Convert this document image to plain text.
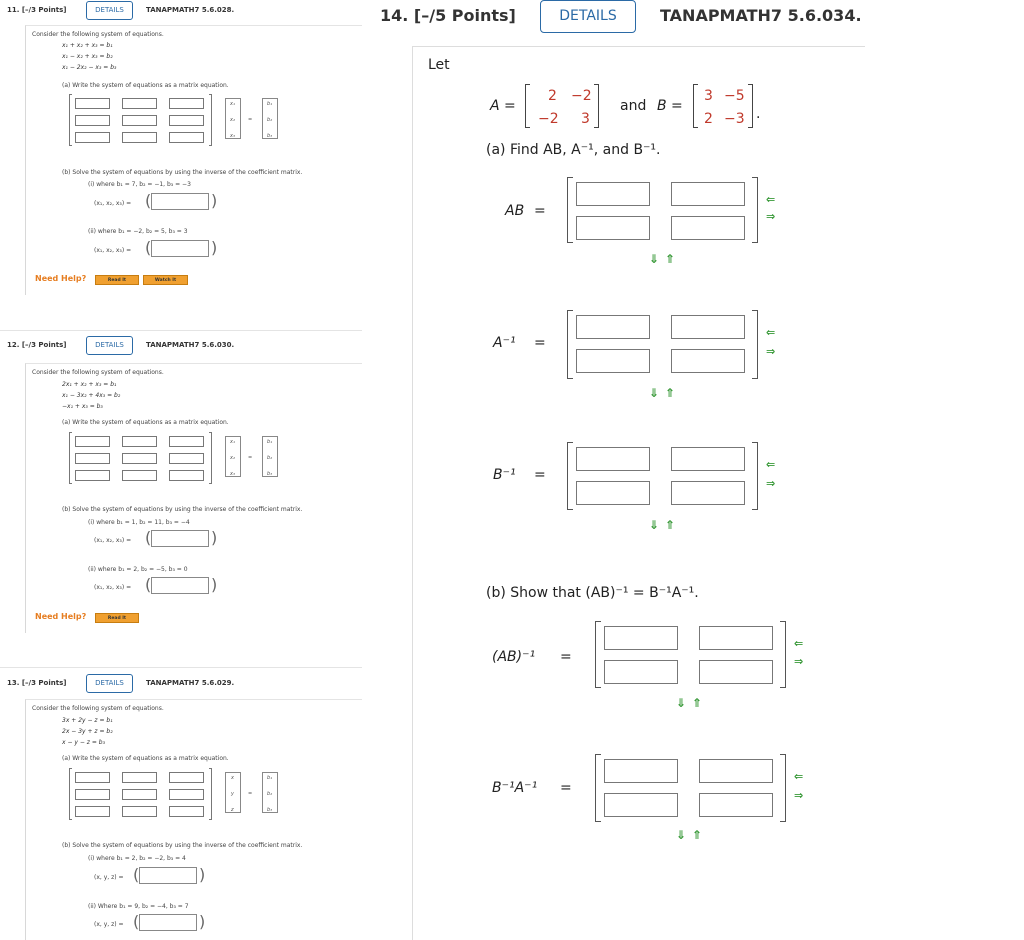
11. [–/3 Points]	DETAILS	TANAPMATH7 5.6.028.
Consider the following system of equations.
x₁ + x₂ + x₃ = b₁
x₁ − x₂ + x₃ = b₂
x₁ − 2x₂ − x₃ = b₃
(a) Write the system of equations as a matrix equation.
x₁
x₂
x₃
=
b₁
b₂
b₃
(b) Solve the system of equations by using the inverse of the coefficient matrix.
(i) where b₁ = 7, b₂ = −1, b₃ = −3
(x₁, x₂, x₃) = (	)
(ii) where b₁ = −2, b₂ = 5, b₃ = 3
(x₁, x₂, x₃) = (	)
Need Help?	Read It	Watch It
12. [–/3 Points]	DETAILS	TANAPMATH7 5.6.030.
Consider the following system of equations.
2x₁ + x₂ + x₃ = b₁
x₁ − 3x₂ + 4x₃ = b₂
−x₁ + x₃ = b₃
(a) Write the system of equations as a matrix equation.
x₁
x₂
x₃
=
b₁
b₂
b₃
(b) Solve the system of equations by using the inverse of the coefficient matrix.
(i) where b₁ = 1, b₂ = 11, b₃ = −4
(x₁, x₂, x₃) = (	)
(ii) where b₁ = 2, b₂ = −5, b₃ = 0
(x₁, x₂, x₃) = (	)
Need Help?	Read It
13. [–/3 Points]	DETAILS	TANAPMATH7 5.6.029.
Consider the following system of equations.
3x + 2y − z = b₁
2x − 3y + z = b₂
x − y − z = b₃
(a) Write the system of equations as a matrix equation.
x
y
z
=
b₁
b₂
b₃
(b) Solve the system of equations by using the inverse of the coefficient matrix.
(i) where b₁ = 2, b₂ = −2, b₃ = 4
(x, y, z) = (	)
(ii) Where b₁ = 9, b₂ = −4, b₃ = 7
(x, y, z) = (	)
14. [–/5 Points]	DETAILS	TANAPMATH7 5.6.034.
Let
A =
2 −2
−2 3
and B =
3 −5
2 −3 .
(a) Find AB, A⁻¹, and B⁻¹.
AB =
⇐
⇒
⇓⇑
A⁻¹ =
⇐
⇒
⇓⇑
B⁻¹ =
⇐
⇒
⇓⇑
(b) Show that (AB)⁻¹ = B⁻¹A⁻¹.
(AB)⁻¹ =
⇐
⇒
⇓⇑
B⁻¹A⁻¹ =
⇐
⇒
⇓⇑
